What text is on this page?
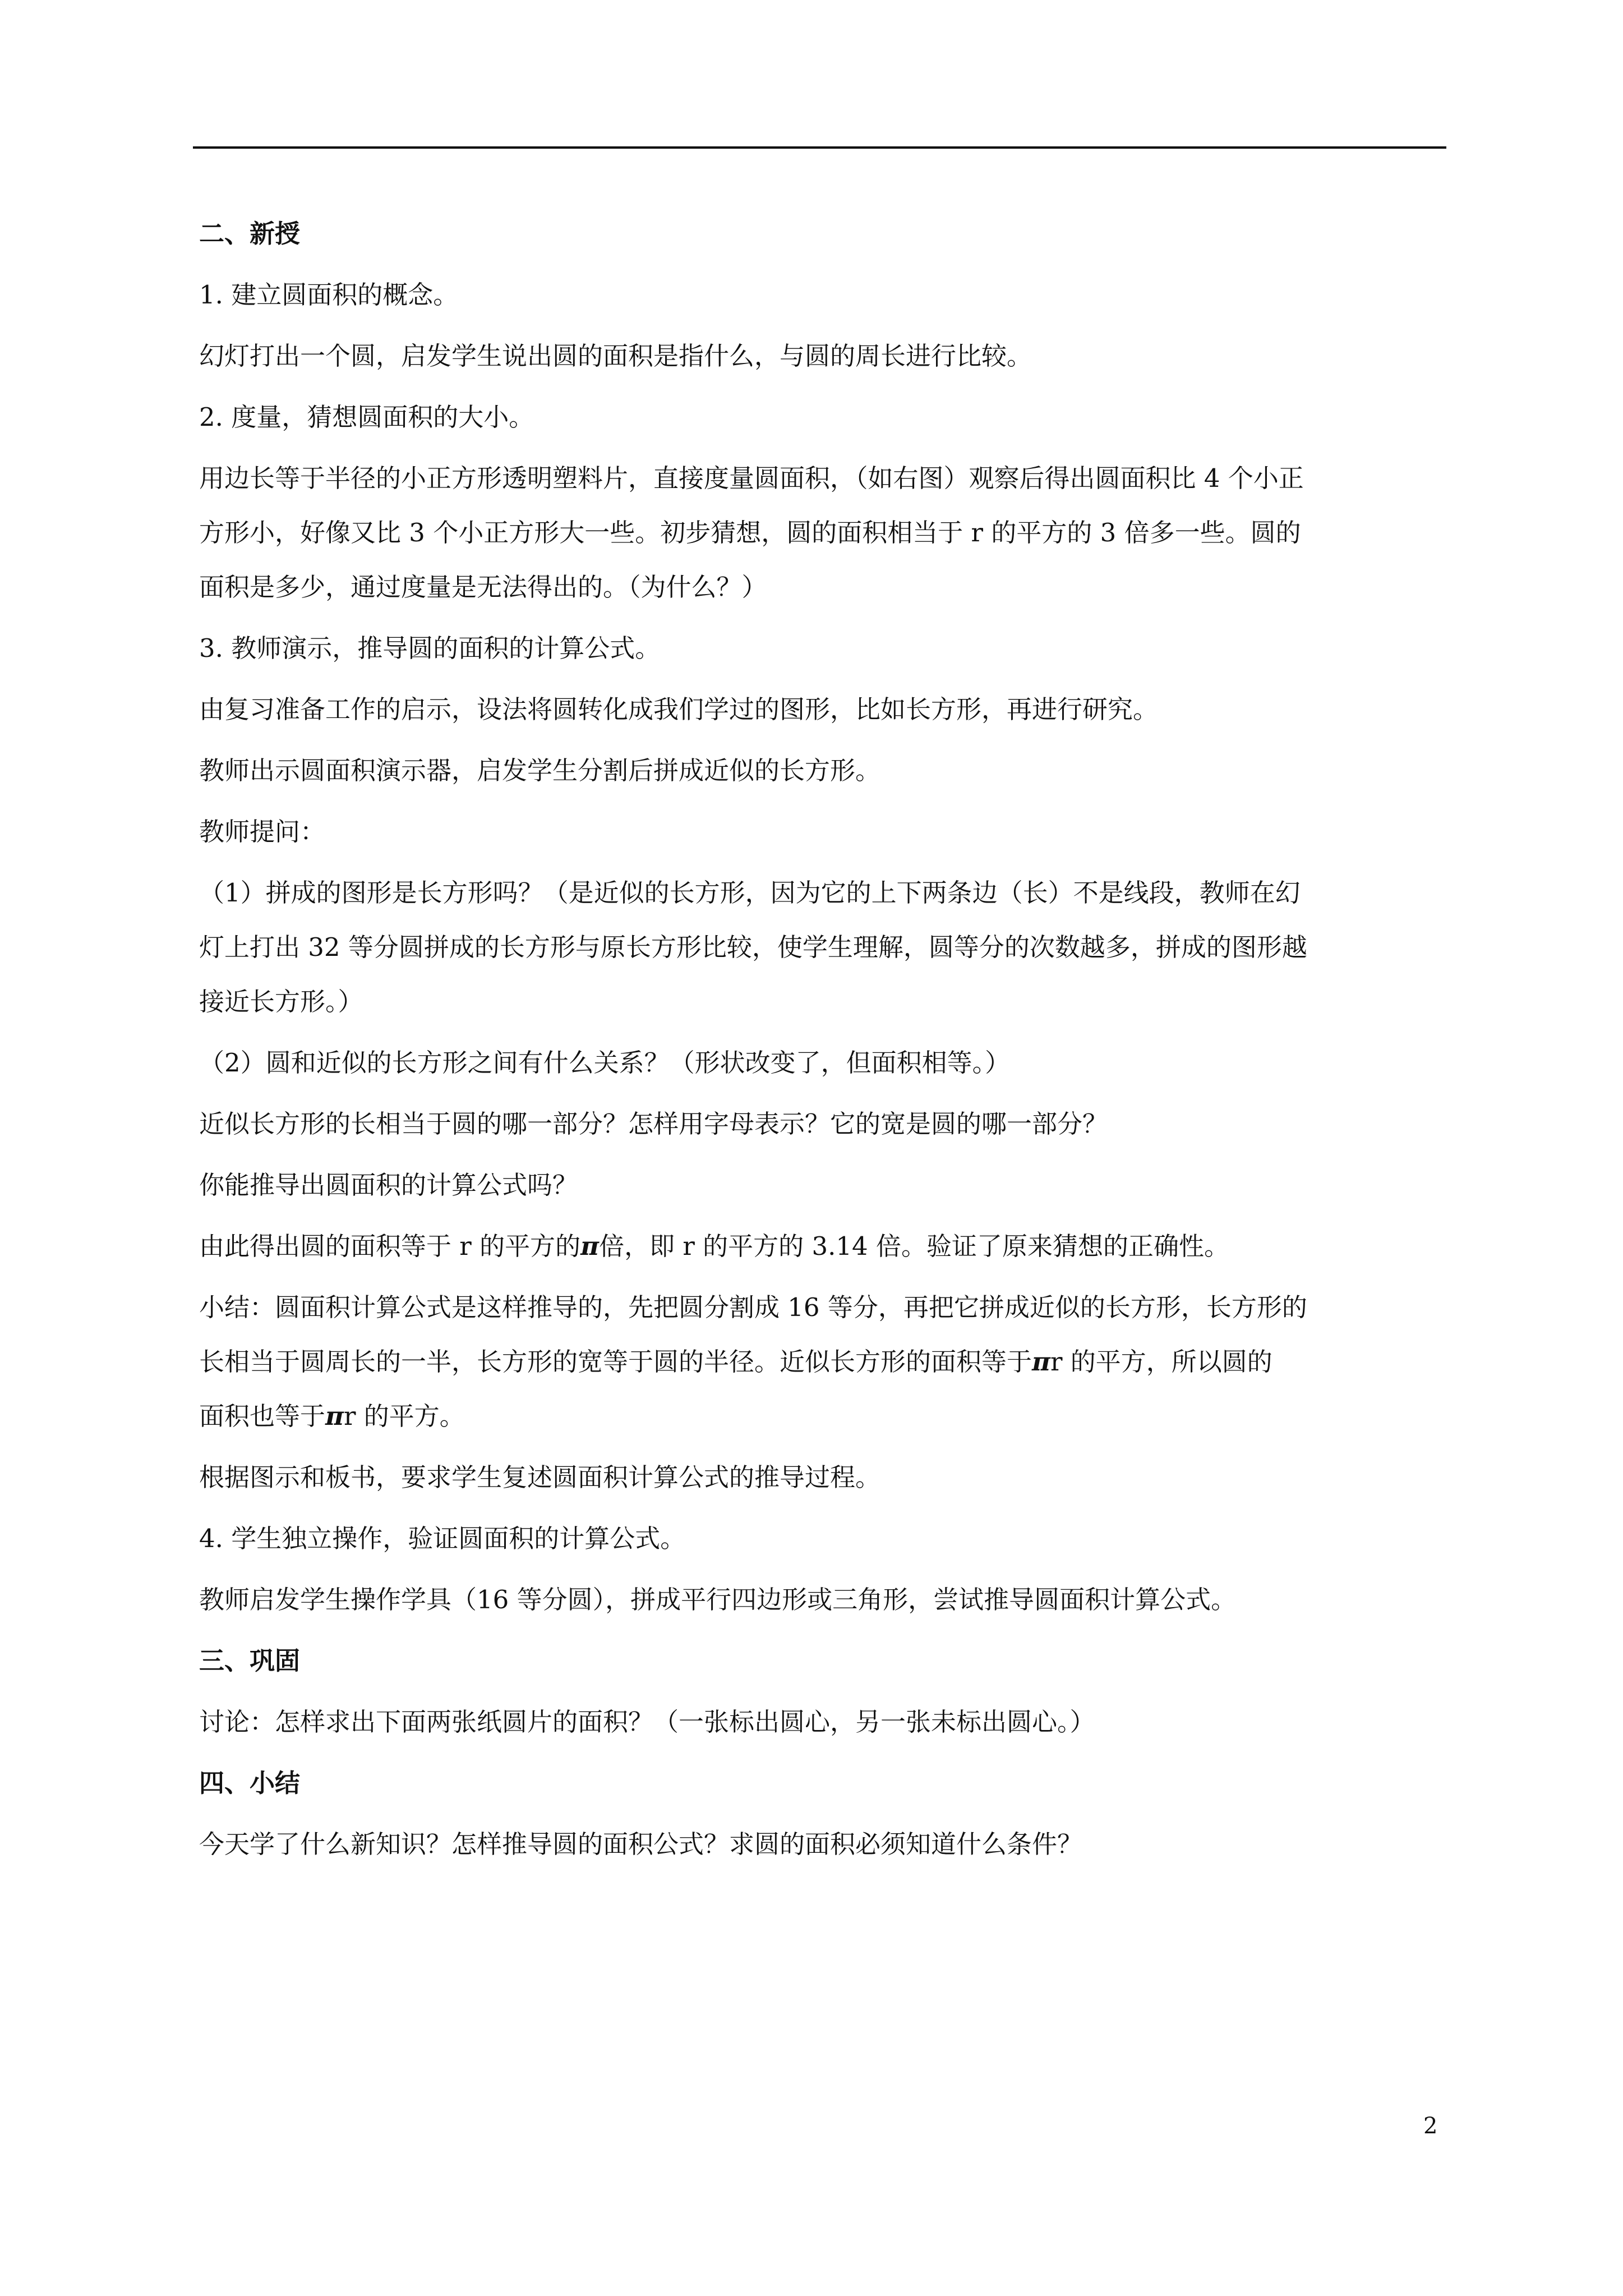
二、新授
1. 建立圆面积的概念。
幻灯打出一个圆，启发学生说出圆的面积是指什么，与圆的周长进行比较。
2. 度量，猜想圆面积的大小。
用边长等于半径的小正方形透明塑料片，直接度量圆面积，（如右图）观察后得出圆面积比 4 个小正
方形小，好像又比 3 个小正方形大一些。初步猜想，圆的面积相当于 r 的平方的 3 倍多一些。圆的
面积是多少，通过度量是无法得出的。（为什么？）
3. 教师演示，推导圆的面积的计算公式。
由复习准备工作的启示，设法将圆转化成我们学过的图形，比如长方形，再进行研究。
教师出示圆面积演示器，启发学生分割后拼成近似的长方形。
教师提问：
（1）拼成的图形是长方形吗？（是近似的长方形，因为它的上下两条边（长）不是线段，教师在幻
灯上打出 32 等分圆拼成的长方形与原长方形比较，使学生理解，圆等分的次数越多，拼成的图形越
接近长方形。）
（2）圆和近似的长方形之间有什么关系？（形状改变了，但面积相等。）
近似长方形的长相当于圆的哪一部分？怎样用字母表示？它的宽是圆的哪一部分？
你能推导出圆面积的计算公式吗？
由此得出圆的面积等于 r 的平方的π倍，即 r 的平方的 3.14 倍。验证了原来猜想的正确性。
小结：圆面积计算公式是这样推导的，先把圆分割成 16 等分，再把它拼成近似的长方形，长方形的
长相当于圆周长的一半，长方形的宽等于圆的半径。近似长方形的面积等于πr 的平方，所以圆的
面积也等于πr 的平方。
根据图示和板书，要求学生复述圆面积计算公式的推导过程。
4. 学生独立操作，验证圆面积的计算公式。
教师启发学生操作学具（16 等分圆），拼成平行四边形或三角形，尝试推导圆面积计算公式。
三、巩固
讨论：怎样求出下面两张纸圆片的面积？（一张标出圆心，另一张未标出圆心。）
四、小结
今天学了什么新知识？怎样推导圆的面积公式？求圆的面积必须知道什么条件？
2
